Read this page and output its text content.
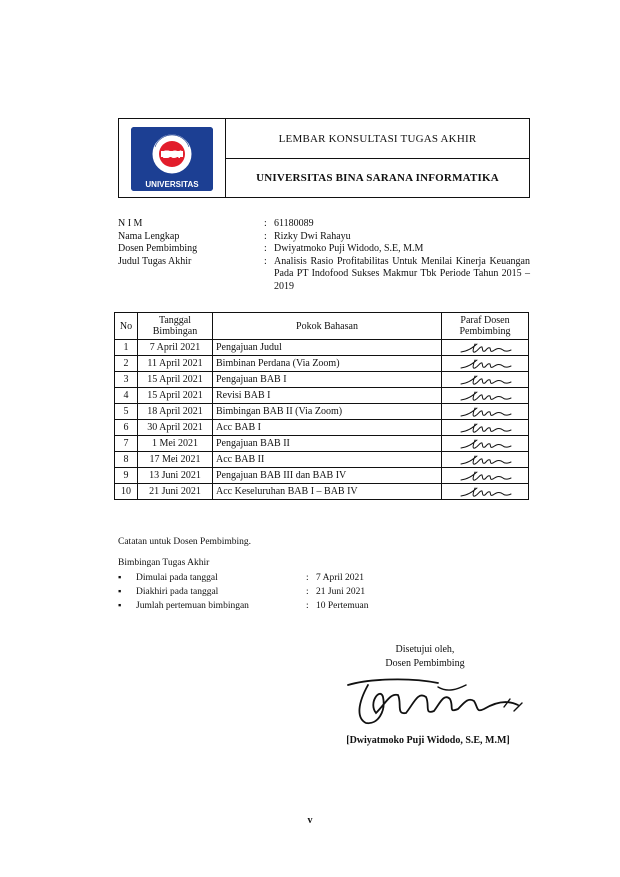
BSI
UNIVERSITAS
LEMBAR KONSULTASI TUGAS AKHIR
UNIVERSITAS BINA SARANA INFORMATIKA
N I M	: 61180089
Nama Lengkap	: Rizky Dwi Rahayu
Dosen Pembimbing	: Dwiyatmoko Puji Widodo, S.E, M.M
Judul Tugas Akhir	: Analisis Rasio Profitabilitas Untuk Menilai Kinerja Keuangan Pada PT Indofood Sukses Makmur Tbk Periode Tahun 2015 – 2019
No	Tanggal Bimbingan	Pokok Bahasan	Paraf Dosen Pembimbing
1	7 April 2021	Pengajuan Judul	

2	11 April 2021	Bimbinan Perdana (Via Zoom)	

3	15 April 2021	Pengajuan BAB I	

4	15 April 2021	Revisi BAB I	

5	18 April 2021	Bimbingan BAB II (Via Zoom)	

6	30 April 2021	Acc BAB I	

7	1 Mei 2021	Pengajuan BAB II	

8	17 Mei 2021	Acc BAB II	

9	13 Juni 2021	Pengajuan BAB III dan BAB IV	

10	21 Juni 2021	Acc Keseluruhan BAB I – BAB IV	
Catatan untuk Dosen Pembimbing.
Bimbingan Tugas Akhir
▪	Dimulai pada tanggal	: 7 April 2021
▪	Diakhiri pada tanggal	: 21 Juni 2021
▪	Jumlah pertemuan bimbingan	: 10 Pertemuan
Disetujui oleh,
Dosen Pembimbing
[Dwiyatmoko Puji Widodo, S.E, M.M]
v
